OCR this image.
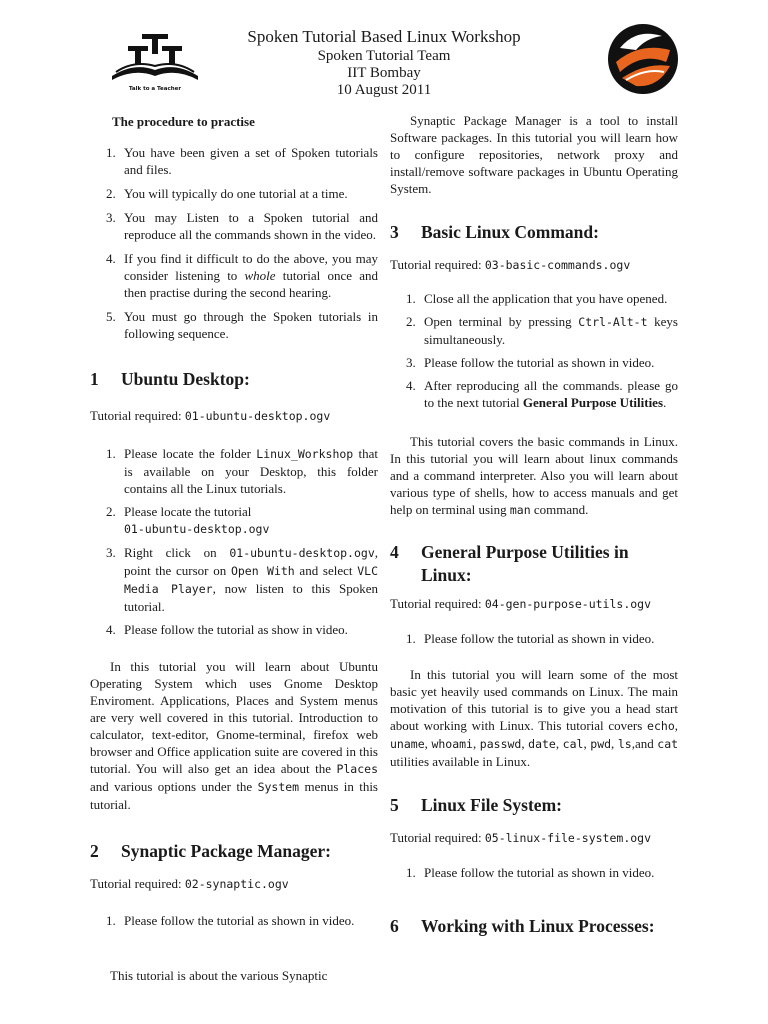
Spoken Tutorial Based Linux Workshop
Spoken Tutorial Team
IIT Bombay
10 August 2011
Talk to a Teacher
The procedure to practise
1. You have been given a set of Spoken tutorials and files.
2. You will typically do one tutorial at a time.
3. You may Listen to a Spoken tutorial and reproduce all the commands shown in the video.
4. If you find it difficult to do the above, you may consider listening to whole tutorial once and then practise during the second hearing.
5. You must go through the Spoken tutorials in following sequence.
1 Ubuntu Desktop:
Tutorial required: 01-ubuntu-desktop.ogv
1. Please locate the folder Linux_Workshop that is available on your Desktop, this folder contains all the Linux tutorials.
2. Please locate the tutorial
01-ubuntu-desktop.ogv
3. Right click on 01-ubuntu-desktop.ogv, point the cursor on Open With and select VLC Media Player, now listen to this Spoken tutorial.
4. Please follow the tutorial as show in video.

In this tutorial you will learn about Ubuntu Operating System which uses Gnome Desktop Enviroment. Applications, Places and System menus are very well covered in this tutorial. Introduction to calculator, text-editor, Gnome-terminal, firefox web browser and Office application suite are covered in this tutorial. You will also get an idea about the Places and various options under the System menus in this tutorial.

2 Synaptic Package Manager:
Tutorial required: 02-synaptic.ogv
1. Please follow the tutorial as shown in video.

This tutorial is about the various Synaptic

Synaptic Package Manager is a tool to install Software packages. In this tutorial you will learn how to configure repositories, network proxy and install/remove software packages in Ubuntu Operating System.

3 Basic Linux Command:
Tutorial required: 03-basic-commands.ogv
1. Close all the application that you have opened.
2. Open terminal by pressing Ctrl-Alt-t keys simultaneously.
3. Please follow the tutorial as shown in video.
4. After reproducing all the commands. please go to the next tutorial General Purpose Utilities.

This tutorial covers the basic commands in Linux. In this tutorial you will learn about linux commands and a command interpreter. Also you will learn about various type of shells, how to access manuals and get help on terminal using man command.

4 General Purpose Utilities in Linux:
Tutorial required: 04-gen-purpose-utils.ogv
1. Please follow the tutorial as shown in video.

In this tutorial you will learn some of the most basic yet heavily used commands on Linux. The main motivation of this tutorial is to give you a head start about working with Linux. This tutorial covers echo, uname, whoami, passwd, date, cal, pwd, ls,and cat utilities available in Linux.

5 Linux File System:
Tutorial required: 05-linux-file-system.ogv
1. Please follow the tutorial as shown in video.
6 Working with Linux Processes:
